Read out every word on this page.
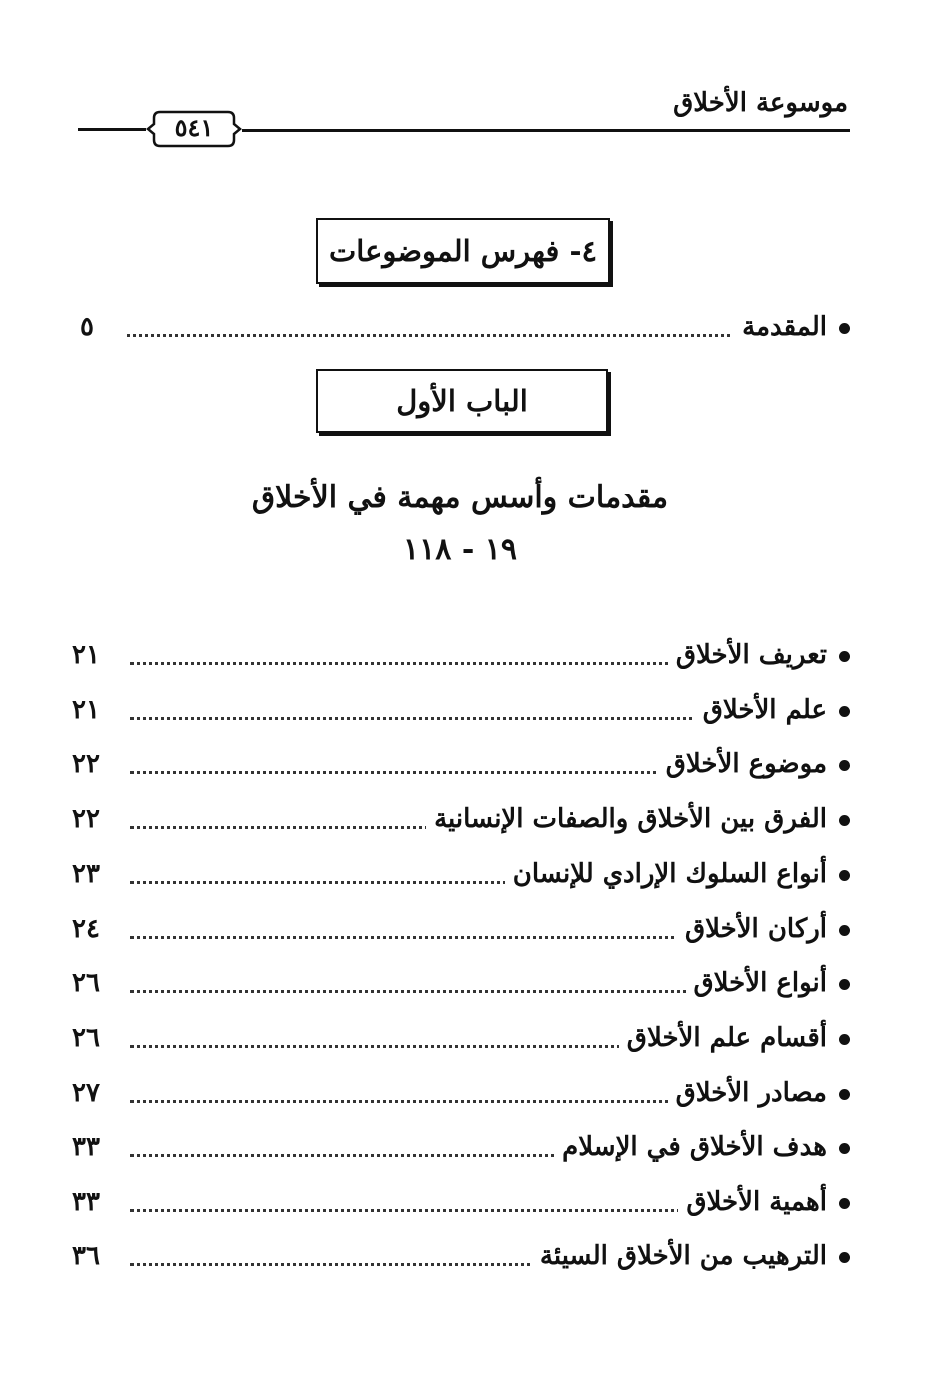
موسوعة الأخلاق
٥٤١
٤- فهرس الموضوعات
المقدمة
٥
الباب الأول
مقدمات وأسس مهمة في الأخلاق
١٩ - ١١٨
تعريف الأخلاق
٢١
علم الأخلاق
٢١
موضوع الأخلاق
٢٢
الفرق بين الأخلاق والصفات الإنسانية
٢٢
أنواع السلوك الإرادي للإنسان
٢٣
أركان الأخلاق
٢٤
أنواع الأخلاق
٢٦
أقسام علم الأخلاق
٢٦
مصادر الأخلاق
٢٧
هدف الأخلاق في الإسلام
٣٣
أهمية الأخلاق
٣٣
الترهيب من الأخلاق السيئة
٣٦
